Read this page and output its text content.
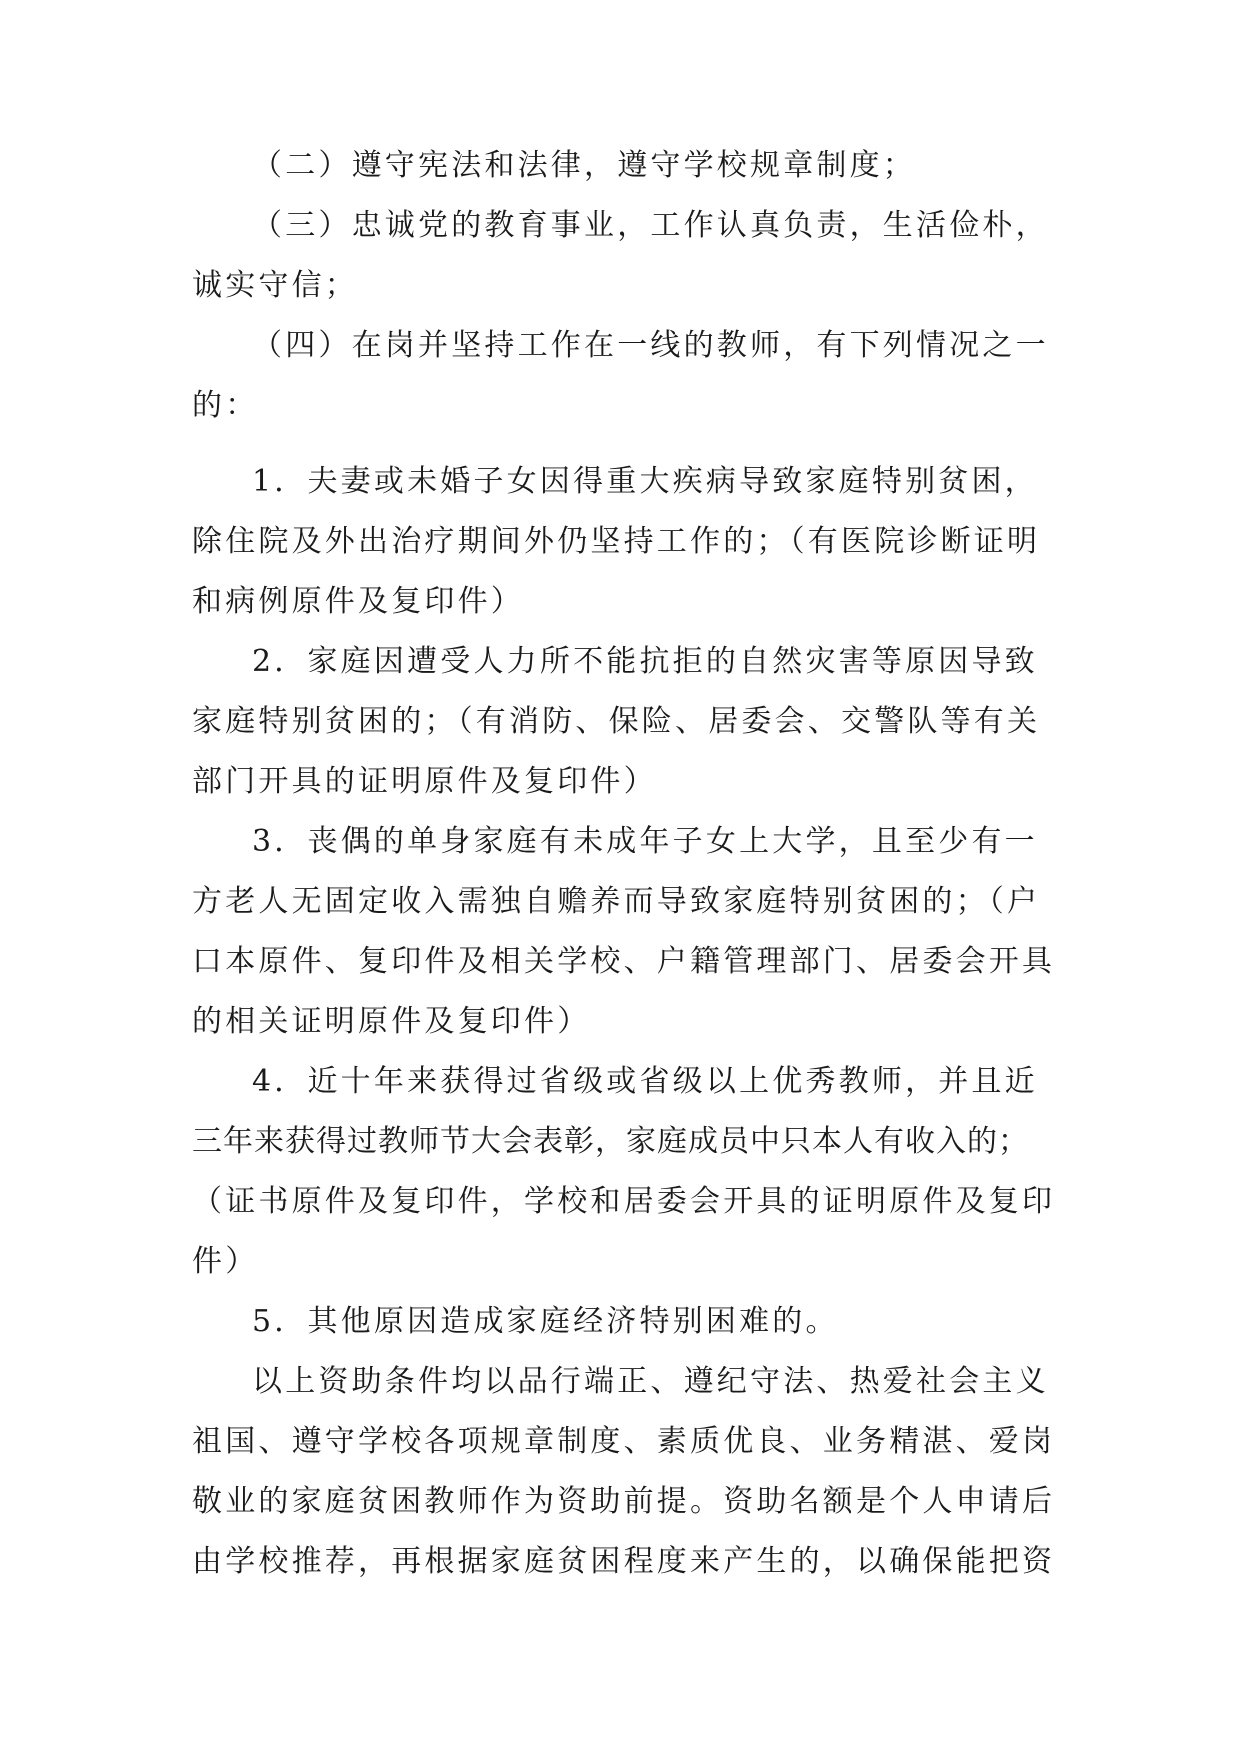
（二）遵守宪法和法律，遵守学校规章制度；
（三）忠诚党的教育事业，工作认真负责，生活俭朴，
诚实守信；
（四）在岗并坚持工作在一线的教师，有下列情况之一
的：
1．夫妻或未婚子女因得重大疾病导致家庭特别贫困，
除住院及外出治疗期间外仍坚持工作的；（有医院诊断证明
和病例原件及复印件）
2．家庭因遭受人力所不能抗拒的自然灾害等原因导致
家庭特别贫困的；（有消防、保险、居委会、交警队等有关
部门开具的证明原件及复印件）
3．丧偶的单身家庭有未成年子女上大学，且至少有一
方老人无固定收入需独自赡养而导致家庭特别贫困的；（户
口本原件、复印件及相关学校、户籍管理部门、居委会开具
的相关证明原件及复印件）
4．近十年来获得过省级或省级以上优秀教师，并且近
三年来获得过教师节大会表彰，家庭成员中只本人有收入的；
（证书原件及复印件，学校和居委会开具的证明原件及复印
件）
5．其他原因造成家庭经济特别困难的。
以上资助条件均以品行端正、遵纪守法、热爱社会主义
祖国、遵守学校各项规章制度、素质优良、业务精湛、爱岗
敬业的家庭贫困教师作为资助前提。资助名额是个人申请后
由学校推荐，再根据家庭贫困程度来产生的，以确保能把资
